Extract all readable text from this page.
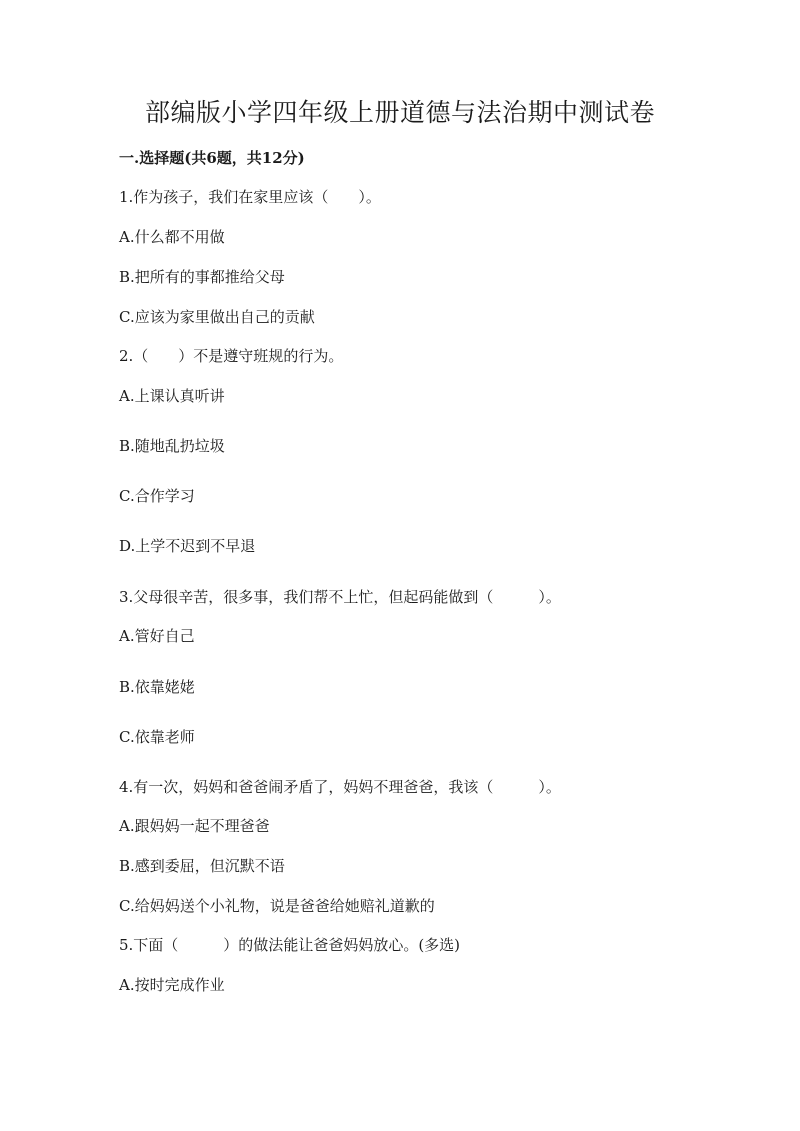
部编版小学四年级上册道德与法治期中测试卷
一.选择题(共6题，共12分)
1.作为孩子，我们在家里应该（　　）。
A.什么都不用做
B.把所有的事都推给父母
C.应该为家里做出自己的贡献
2.（　　）不是遵守班规的行为。
A.上课认真听讲
B.随地乱扔垃圾
C.合作学习
D.上学不迟到不早退
3.父母很辛苦，很多事，我们帮不上忙，但起码能做到（　　　）。
A.管好自己
B.依靠姥姥
C.依靠老师
4.有一次，妈妈和爸爸闹矛盾了，妈妈不理爸爸，我该（　　　）。
A.跟妈妈一起不理爸爸
B.感到委屈，但沉默不语
C.给妈妈送个小礼物，说是爸爸给她赔礼道歉的
5.下面（　　　）的做法能让爸爸妈妈放心。(多选)
A.按时完成作业
